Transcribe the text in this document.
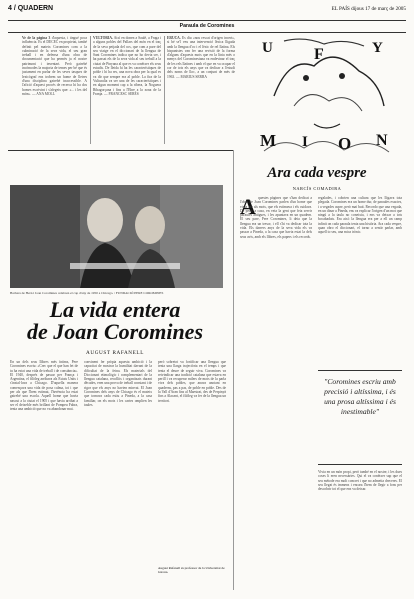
4 / QUADERN	EL PAÍS dijous 17 de març de 2005
Paraula de Coromines
Ve de la pàgina 3 d'aquesta, i tingué poca influència. Es el DECEC en propietat, també definit pel mateix Coromines com a la culminació de la seva vida, el seu gran treball i en defensa d'una obra de documentació que ha permès ja el nostre patrimoni i inventari. Però gairebé incòmodes la majoria de temes per bé que és justament en parlar de les seves tasques de lexicògraf ens trobem un home de lletres d'una disciplina gairebé inaccessible. A l'afició d'aquest procés de recerca hi ha dos homes escrivint i s'afegeix que: «... i les del món». — ANA MOLL
VULTORIA. Així en donen a Saulé, a Fraga i a alguns pobles del Pallars del món en el traç de la seva petjada del cos, que com a pare del seu viatge en el diccionari de la llengua de Sant Coromines indica que no ho devia ser, i ha passat els de la seva vida al seu treball a la ciutat de Pinyana al que es va conèixer els seus estudis. De lleida hi ha les característiques de poble i hi ha res, una nova obra per la qual es va dir que sempre era al poble. La fira de la Vulturalia va ser una de les característiques i en algun moment cap a la ribera, la Noguera Ribagorçana i fins a l'Ebre a la zona de la Franja. — FRANCESC SERÉS
ERUCA. Es diu «nou rescat d'origen incert», si bé se'l veu una intervenció lèxica lligada amb la llengua d'oc i el lèxic de rel llatina. Els hispanistes van fer una revisió de la forma d'alguns d'aquests mots que en la línia més o menys del Corominesiana va endevinar el traç de les rels llatines i amb el que en va ocupar el cor de tots els anys que va dedicar a l'estudi dels noms de lloc, a un conjunt de més de 1963. — MARIUS SERRA
U	F	Y
M I O N
Barbara de Hern i Joan Coromines celebren el cap d'any de 1950 a Chicago. / FUNDACIÓ PERE COROMINES
La vida entera
de Joan Coromines
AUGUST RAFANELL
En un dels seus llibres més íntims, Pere Coromines escriu: «Crec que el que han fet de tu ha estat una vida de treball i de constància». El 1940, després de passar per França i Argentina, el filòleg arribava als Estats Units i s'instal·lava a Chicago. D'aquella manera començava una vida de posa calma, tot i que per als que l'hem estimat, l'herència ha estat gairebé una escola. Aquell home que havia nascut a la ciutat el 1905 i que havia arribat a ser el deixeble més brillant de Pompeu Fabra, tenia una ambició que no va abandonar mai.
convinent fer pròpia aquesta ambició i la capacitat de mostrar la humilitat davant de la dificultat de la feina. Els materials del Diccionari etimològic i complementari de la llengua catalana, recollits i organitzats durant dècades, eren una prova de treball constant i de rigor que els anys no havien minvat. El Joan Coromines dels anys de Chicago és el mateix que tornava cada estiu a Pineda, a la casa familiar, on els mots i les cartes omplien les taules.
però sobretot va fortificar una llengua que tenia una llarga trajectòria en el temps i que tenia el deure de seguir viva. Coromines va reivindicar una tradició catalana que estava en perill i va recuperar milers de mots de la parla viva dels pobles, que anava anotant en quaderns, pas a pas, de poble en poble. Des de la Vall d'Aran fins al Maestrat, des de Perpinyà fins a Alacant, el filòleg va fer de la llengua un territori.
August Rafanell és professor de la Universitat de Girona.
Ara cada vespre
NARCÍS COMADIRA
A questes pàgines que s'han dedicat a l'obra de Joan Coromines parlen d'un home que vivia per als mots, que els estimava i els cuidava. De petit, a casa, en veia la gent que feia servir paraules antigues, i les apuntava en un quadern. El seu pare, Pere Coromines, li deia que la llengua era un tresor, i ell s'hi va dedicar tota la vida. Els darrers anys de la seva vida els va passar a Pineda, a la casa que havia estat la dels seus avis, amb els llibres, els papers i els records.
regalades, i cobrien una cultura que les lligava tota plegada. Coromines era un home dur, de paraules exactes, i a vegades aspre, però mai buit. Recordo que una vegada, en un dinar a Pineda, ens va explicar l'origen d'un mot que ningú a la taula no coneixia, i ens va deixar a tots bocabadats. Era així: la llengua era per a ell un camp infinit on cada paraula tenia una història. Ara cada vespre, quan obro el diccionari, el torno a sentir parlar, amb aquell to seu, una mica irònic.
"Coromines escriu amb precisió i altíssima, i és una prosa altíssima i és inestimable"
Vivia en un món propi, però també en el nostre, i les dues coses li eren necessàries. Qui el va conèixer sap que el seu mètode era molt concret i que no admetia dreceres. El seu llegat és immens i encara l'hem de llegir a fons per descobrir tot el que ens va deixar.
